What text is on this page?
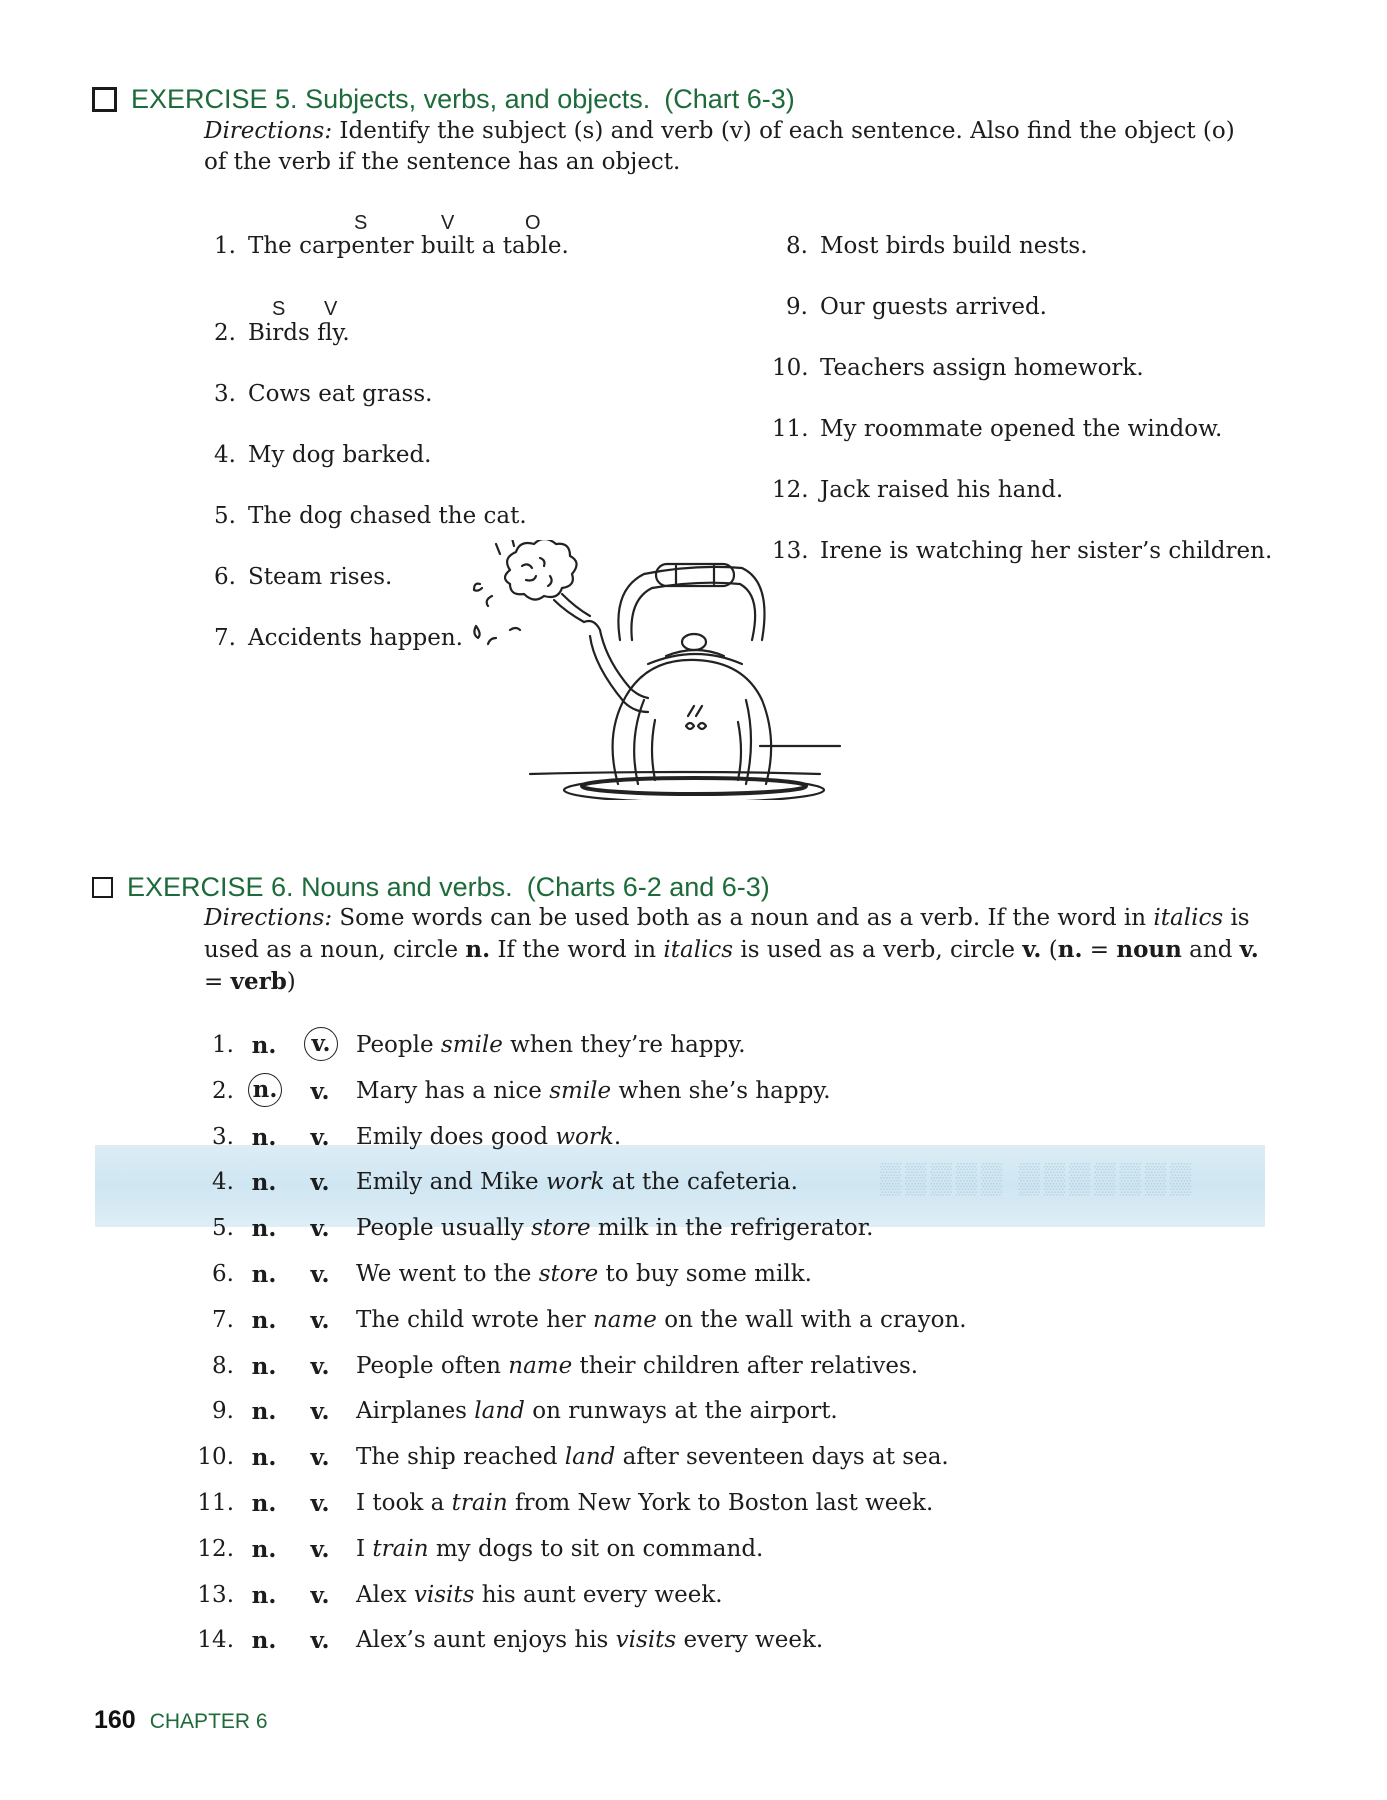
▒▒▒▒▒ ▒▒▒▒▒▒▒
EXERCISE 5. Subjects, verbs, and objects. (Chart 6-3)
Directions: Identify the subject (s) and verb (v) of each sentence. Also find the object (o) of the verb if the sentence has an object.
S	V	O
S V
1. The carpenter built a table.
2. Birds fly.
3. Cows eat grass.
4. My dog barked.
5. The dog chased the cat.
6. Steam rises.
7. Accidents happen.
8. Most birds build nests.
9. Our guests arrived.
10. Teachers assign homework.
11. My roommate opened the window.
12. Jack raised his hand.
13. Irene is watching her sister’s children.
EXERCISE 6. Nouns and verbs. (Charts 6-2 and 6-3)
Directions: Some words can be used both as a noun and as a verb. If the word in italics is used as a noun, circle n. If the word in italics is used as a verb, circle v. (n. = noun and v. = verb)
1. n.	v.	People smile when they’re happy.
2. n. v. Mary has a nice smile when she’s happy.
3. n. v. Emily does good work.
4. n. v. Emily and Mike work at the cafeteria.
5. n. v. People usually store milk in the refrigerator.
6. n. v. We went to the store to buy some milk.
7. n. v. The child wrote her name on the wall with a crayon.
8. n. v. People often name their children after relatives.
9. n. v. Airplanes land on runways at the airport.
10. n. v. The ship reached land after seventeen days at sea.
11. n. v. I took a train from New York to Boston last week.
12. n. v. I train my dogs to sit on command.
13. n. v. Alex visits his aunt every week.
14. n. v. Alex’s aunt enjoys his visits every week.
160 CHAPTER 6
